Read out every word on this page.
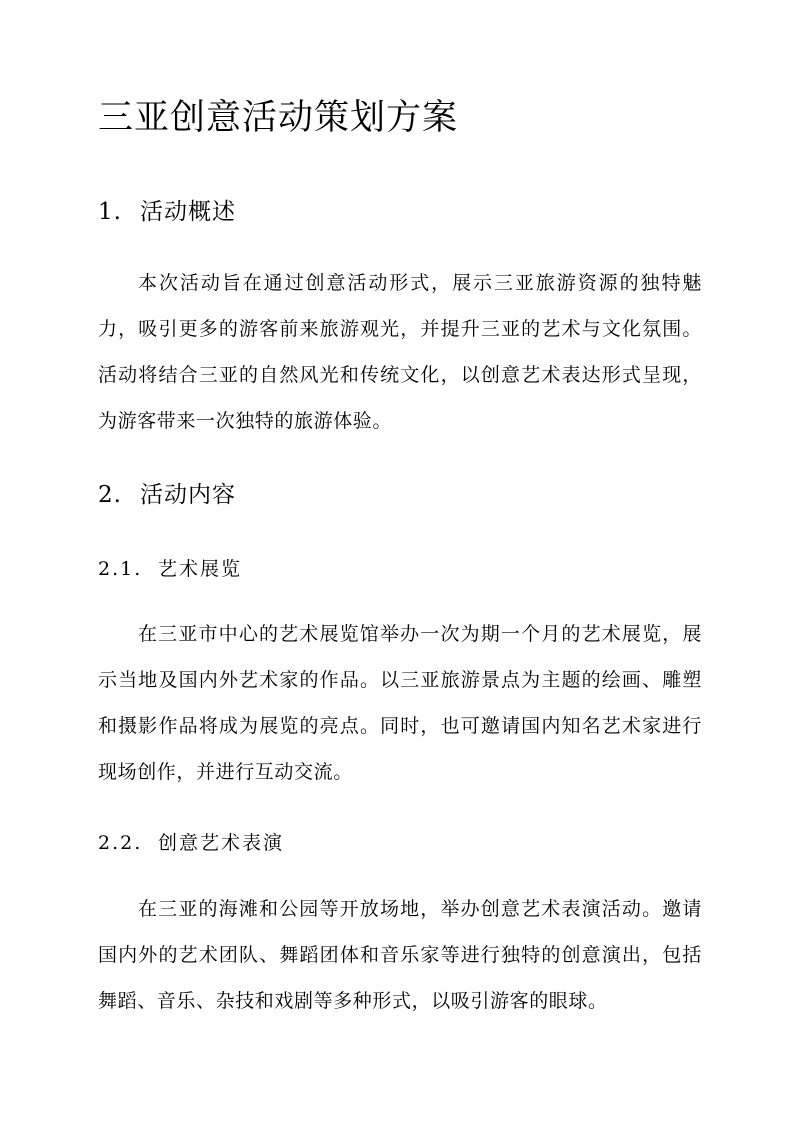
三亚创意活动策划方案
1. 活动概述

本次活动旨在通过创意活动形式，展示三亚旅游资源的独特魅力，吸引更多的游客前来旅游观光，并提升三亚的艺术与文化氛围。活动将结合三亚的自然风光和传统文化，以创意艺术表达形式呈现，为游客带来一次独特的旅游体验。

2. 活动内容
2.1. 艺术展览

在三亚市中心的艺术展览馆举办一次为期一个月的艺术展览，展示当地及国内外艺术家的作品。以三亚旅游景点为主题的绘画、雕塑和摄影作品将成为展览的亮点。同时，也可邀请国内知名艺术家进行现场创作，并进行互动交流。

2.2. 创意艺术表演

在三亚的海滩和公园等开放场地，举办创意艺术表演活动。邀请国内外的艺术团队、舞蹈团体和音乐家等进行独特的创意演出，包括舞蹈、音乐、杂技和戏剧等多种形式，以吸引游客的眼球。
